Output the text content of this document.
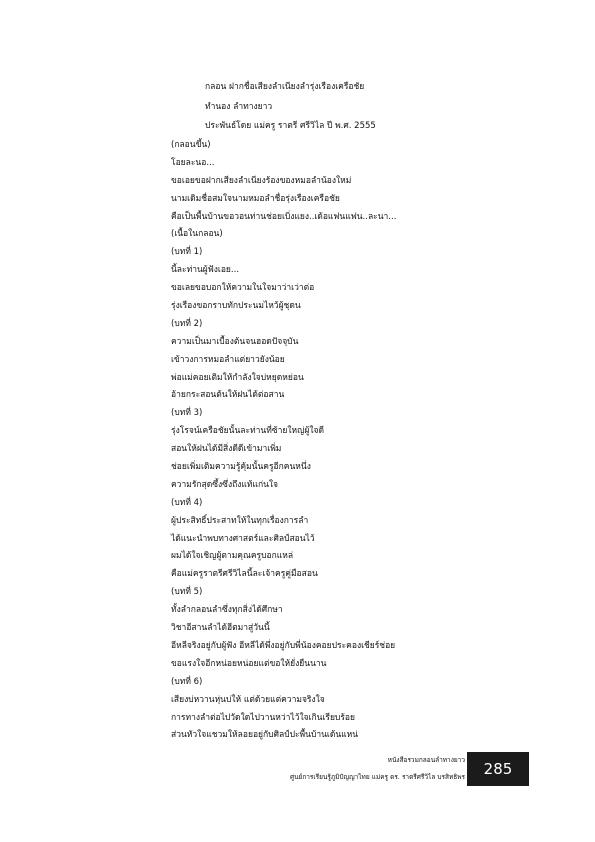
กลอน ฝากชื่อเสียงลำเนียงลำรุ่งเรืองเครือชัย
ทำนอง ลำทางยาว
ประพันธ์โดย แม่ครู ราตรี ศรีวิไล ปี พ.ศ. 2555
(กลอนขึ้น)
โอยละนอ...
ขอเอยขอฝากเสียงลำเนียงร้องของหมอลำน้องใหม่
นามเดิมชื่อสมใจนามหมอลำชื่อรุ่งเรืองเครือชัย
คือเป็นพื้นบ้านขอวอนท่านช่อยเบิ่งแยง..เด้อแฟนแฟน..ละนา...
(เนื้อในกลอน)
(บทที่ 1)
นี้ละท่านผู้ฟังเอย...
ขอเลยขอบอกให้ความในใจมาว่าเว่าต่อ
รุ่งเรืองขอกราบทักประนมไหว้ผู้ชุดน
(บทที่ 2)
ความเป็นมาเบื้องต้นจนฮอดปัจจุบัน
เข้าวงการหมอลำแต่ยาวยังน้อย
พ่อแม่คอยเติมให้กำลังใจบ่หยุดหย่อน
อ้ายกระสอนต้นให้ฝนได้ต่อสาน
(บทที่ 3)
รุ่งโรจน์เครือชัยนั้นละท่านที่ซ้ายใหญ่ผู้ใจดี
สอนให้ฝนได้มีสิ่งดีดีเข้ามาเพิ่ม
ช่อยเพิ่มเติมความรู้คุ้มนั้นครูอีกคนหนึ่ง
ความรักสุดซึ้งซึ่งถึงแท้แก่นใจ
(บทที่ 4)
ผู้ประสิทธิ์ประสาทให้ในทุกเรื่องการลำ
ได้แนะนำพบทางศาสตร์และศิลป์สอนไว้
ผมได้ใจเชิญผู้ตามคุณครูบอกแหล่
คือแม่ครูราตรีศรีวิไลนี้ละเจ้าครูคู่มือสอน
(บทที่ 5)
ทั้งลำกลอนลำซึ่งทุกสิ่งได้ศึกษา
วิชาอีสานลำได้ฮีตมาสู่วันนี้
อีหลีจริงอยู่กับผู้ฟัง อีหลีได้พึ่งอยู่กับพี่น้องคอยประคองเชียร์ช่อย
ขอแรงใจอีกหน่อยหน่อยแต่ขอให้ยั่งยืนนาน
(บทที่ 6)
เสียงบ่หวานหุ่นบ่ให้ แต่ด้วยแต่ความจริงใจ
การทางลำต่อไปวัดใดไปวานหว่าไว้ใจเกินเรียบร้อย
ส่วนหัวใจแชวมให้ลอยอยู่กับศิลป์ปะพื้นบ้านเด้นแหน่
หนังสือรวมกลอนลำทางยาว
ศูนย์การเรียนรู้ภูมิปัญญาไทย แม่ครู ดร. ราตรีศรีวิไล บรสิทธิพร 285
